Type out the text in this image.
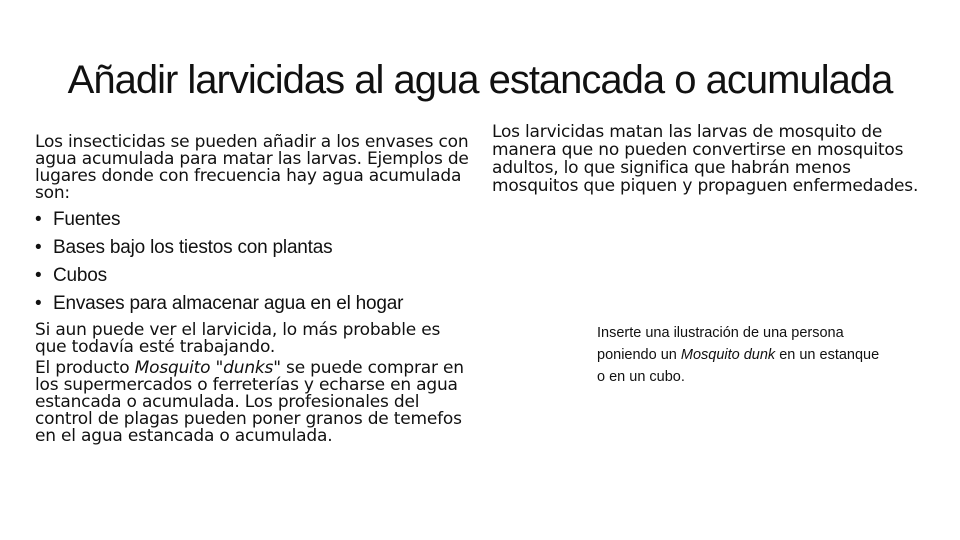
Añadir larvicidas al agua estancada o acumulada

Los insecticidas se pueden añadir a los envases con agua acumulada para matar las larvas. Ejemplos de lugares donde con frecuencia hay agua acumulada son:

• Fuentes
• Bases bajo los tiestos con plantas
• Cubos
• Envases para almacenar agua en el hogar

Si aun puede ver el larvicida, lo más probable es que todavía esté trabajando.

El producto Mosquito "dunks" se puede comprar en los supermercados o ferreterías y echarse en agua estancada o acumulada. Los profesionales del control de plagas pueden poner granos de temefos en el agua estancada o acumulada.

Los larvicidas matan las larvas de mosquito de manera que no pueden convertirse en mosquitos adultos, lo que significa que habrán menos mosquitos que piquen y propaguen enfermedades.
Inserte una ilustración de una persona poniendo un Mosquito dunk en un estanque o en un cubo.
